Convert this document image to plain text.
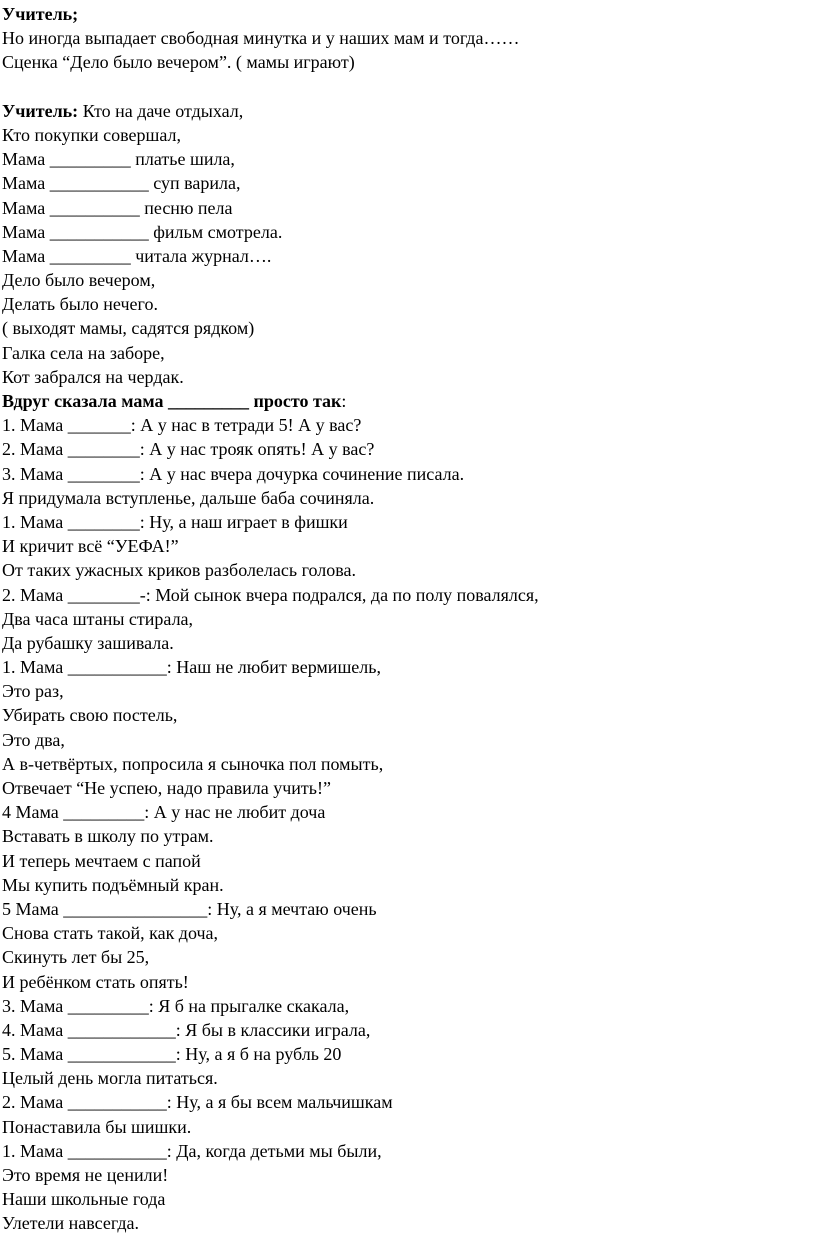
Учитель;
Но иногда выпадает свободная минутка и у наших мам и тогда……
Сценка “Дело было вечером”. ( мамы играют)
Учитель: Кто на даче отдыхал,
Кто покупки совершал,
Мама _________ платье шила,
Мама ___________ суп варила,
Мама __________ песню пела
Мама ___________ фильм смотрела.
Мама _________ читала журнал….
Дело было вечером,
Делать было нечего.
( выходят мамы, садятся рядком)
Галка села на заборе,
Кот забрался на чердак.
Вдруг сказала мама _________ просто так:
1. Мама _______: А у нас в тетради 5! А у вас?
2. Мама ________: А у нас трояк опять! А у вас?
3. Мама ________: А у нас вчера дочурка сочинение писала.
Я придумала вступленье, дальше баба сочиняла.
1. Мама ________: Ну, а наш играет в фишки
И кричит всё “УЕФА!”
От таких ужасных криков разболелась голова.
2. Мама ________-: Мой сынок вчера подрался, да по полу повалялся,
Два часа штаны стирала,
Да рубашку зашивала.
1. Мама ___________: Наш не любит вермишель,
Это раз,
Убирать свою постель,
Это два,
А в-четвёртых, попросила я сыночка пол помыть,
Отвечает “Не успею, надо правила учить!”
4 Мама _________: А у нас не любит доча
Вставать в школу по утрам.
И теперь мечтаем с папой
Мы купить подъёмный кран.
5 Мама ________________: Ну, а я мечтаю очень
Снова стать такой, как доча,
Скинуть лет бы 25,
И ребёнком стать опять!
3. Мама _________: Я б на прыгалке скакала,
4. Мама ____________: Я бы в классики играла,
5. Мама ____________: Ну, а я б на рубль 20
Целый день могла питаться.
2. Мама ___________: Ну, а я бы всем мальчишкам
Понаставила бы шишки.
1. Мама ___________: Да, когда детьми мы были,
Это время не ценили!
Наши школьные года
Улетели навсегда.
